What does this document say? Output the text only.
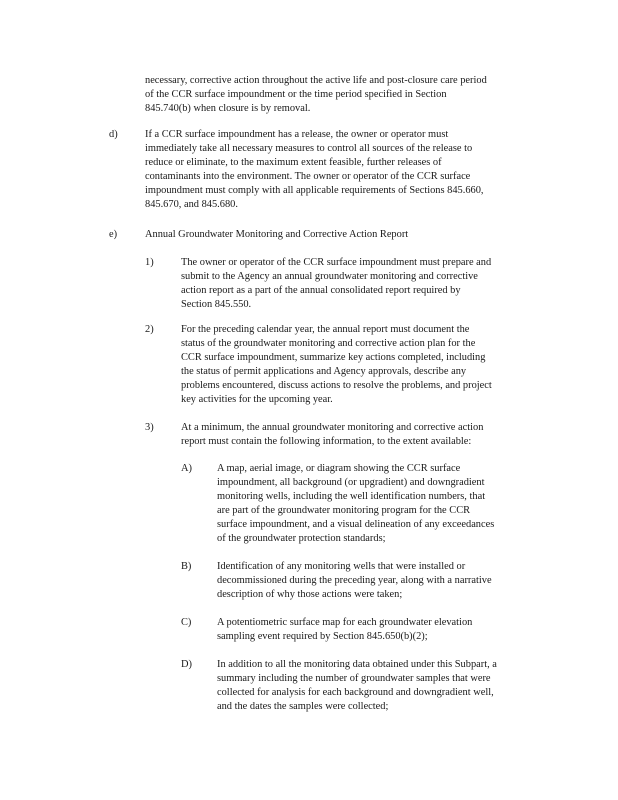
necessary, corrective action throughout the active life and post-closure care period
of the CCR surface impoundment or the time period specified in Section
845.740(b) when closure is by removal.
d)	If a CCR surface impoundment has a release, the owner or operator must
immediately take all necessary measures to control all sources of the release to
reduce or eliminate, to the maximum extent feasible, further releases of
contaminants into the environment. The owner or operator of the CCR surface
impoundment must comply with all applicable requirements of Sections 845.660,
845.670, and 845.680.
e)	Annual Groundwater Monitoring and Corrective Action Report
1)	The owner or operator of the CCR surface impoundment must prepare and
submit to the Agency an annual groundwater monitoring and corrective
action report as a part of the annual consolidated report required by
Section 845.550.
2)	For the preceding calendar year, the annual report must document the
status of the groundwater monitoring and corrective action plan for the
CCR surface impoundment, summarize key actions completed, including
the status of permit applications and Agency approvals, describe any
problems encountered, discuss actions to resolve the problems, and project
key activities for the upcoming year.
3)	At a minimum, the annual groundwater monitoring and corrective action
report must contain the following information, to the extent available:
A) A map, aerial image, or diagram showing the CCR surface
impoundment, all background (or upgradient) and downgradient
monitoring wells, including the well identification numbers, that
are part of the groundwater monitoring program for the CCR
surface impoundment, and a visual delineation of any exceedances
of the groundwater protection standards;
B) Identification of any monitoring wells that were installed or
decommissioned during the preceding year, along with a narrative
description of why those actions were taken;
C) A potentiometric surface map for each groundwater elevation
sampling event required by Section 845.650(b)(2);
D) In addition to all the monitoring data obtained under this Subpart, a
summary including the number of groundwater samples that were
collected for analysis for each background and downgradient well,
and the dates the samples were collected;
